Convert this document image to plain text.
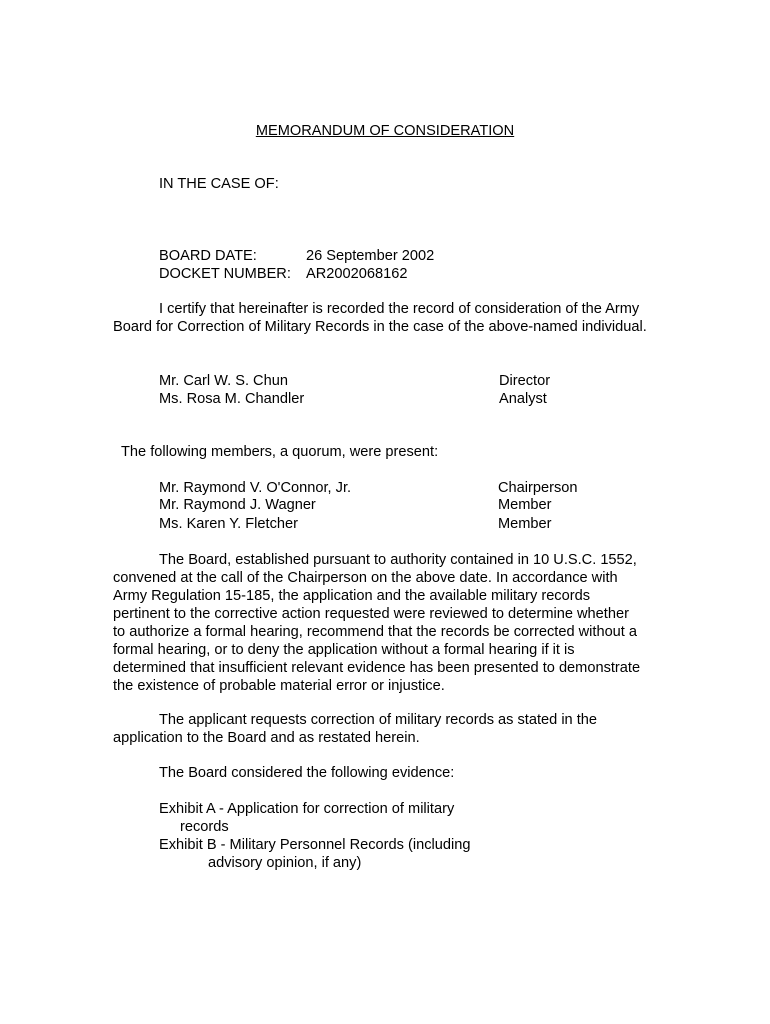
MEMORANDUM OF CONSIDERATION
IN THE CASE OF:
BOARD DATE:	26 September 2002
DOCKET NUMBER: AR2002068162
I certify that hereinafter is recorded the record of consideration of the Army Board for Correction of Military Records in the case of the above-named individual.
Mr. Carl W. S. Chun	Director
Ms. Rosa M. Chandler	Analyst
The following members, a quorum, were present:
Mr. Raymond V. O'Connor, Jr.	Chairperson
Mr. Raymond J. Wagner	Member
Ms. Karen Y. Fletcher	Member
The Board, established pursuant to authority contained in 10 U.S.C. 1552, convened at the call of the Chairperson on the above date. In accordance with Army Regulation 15-185, the application and the available military records pertinent to the corrective action requested were reviewed to determine whether to authorize a formal hearing, recommend that the records be corrected without a formal hearing, or to deny the application without a formal hearing if it is determined that insufficient relevant evidence has been presented to demonstrate the existence of probable material error or injustice.
The applicant requests correction of military records as stated in the application to the Board and as restated herein.
The Board considered the following evidence:
Exhibit A - Application for correction of military
records
Exhibit B - Military Personnel Records (including
advisory opinion, if any)
